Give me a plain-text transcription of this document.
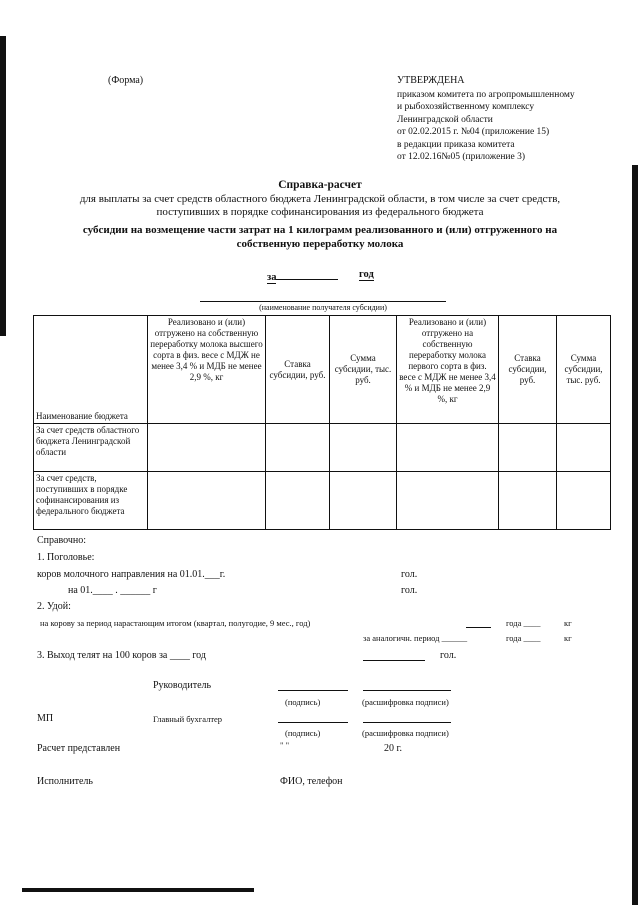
(Форма)	УТВЕРЖДЕНА
приказом комитета по агропромышленному
и рыбохозяйственному комплексу
Ленинградской области
от 02.02.2015 г. №04 (приложение 15)
в редакции приказа комитета
от 12.02.16№05 (приложение 3)
Справка-расчет
для выплаты за счет средств областного бюджета Ленинградской области, в том числе за счет средств,
поступивших в порядке софинансирования из федерального бюджета
субсидии на возмещение части затрат на 1 килограмм реализованного и (или) отгруженного на
собственную переработку молока
за	год
(наименование получателя субсидии)
Наименование бюджета	Реализовано и (или) отгружено на собственную переработку молока высшего сорта в физ. весе с МДЖ не менее 3,4 % и МДБ не менее 2,9 %, кг	Ставка субсидии, руб.	Сумма субсидии, тыс. руб.	Реализовано и (или) отгружено на собственную переработку молока первого сорта в физ. весе с МДЖ не менее 3,4 % и МДБ не менее 2,9 %, кг	Ставка субсидии, руб.	Сумма субсидии, тыс. руб.
За счет средств областного бюджета Ленинградской области						
За счет средств, поступивших в порядке софинансирования из федерального бюджета						
Справочно:
1. Поголовье:
коров молочного направления на 01.01.___г.	гол.
на 01.____ . ______ г	гол.
2. Удой:
на корову за период нарастающим итогом (квартал, полугодие, 9 мес., год)	года ____	кг
за аналогичн. период ______	года ____	кг
3. Выход телят на 100 коров за ____ год	гол.
Руководитель
(подпись)	(расшифровка подписи)
МП	Главный бухгалтер
(подпись)	(расшифровка подписи)
Расчет представлен	" "	20 г.
Исполнитель	ФИО, телефон
